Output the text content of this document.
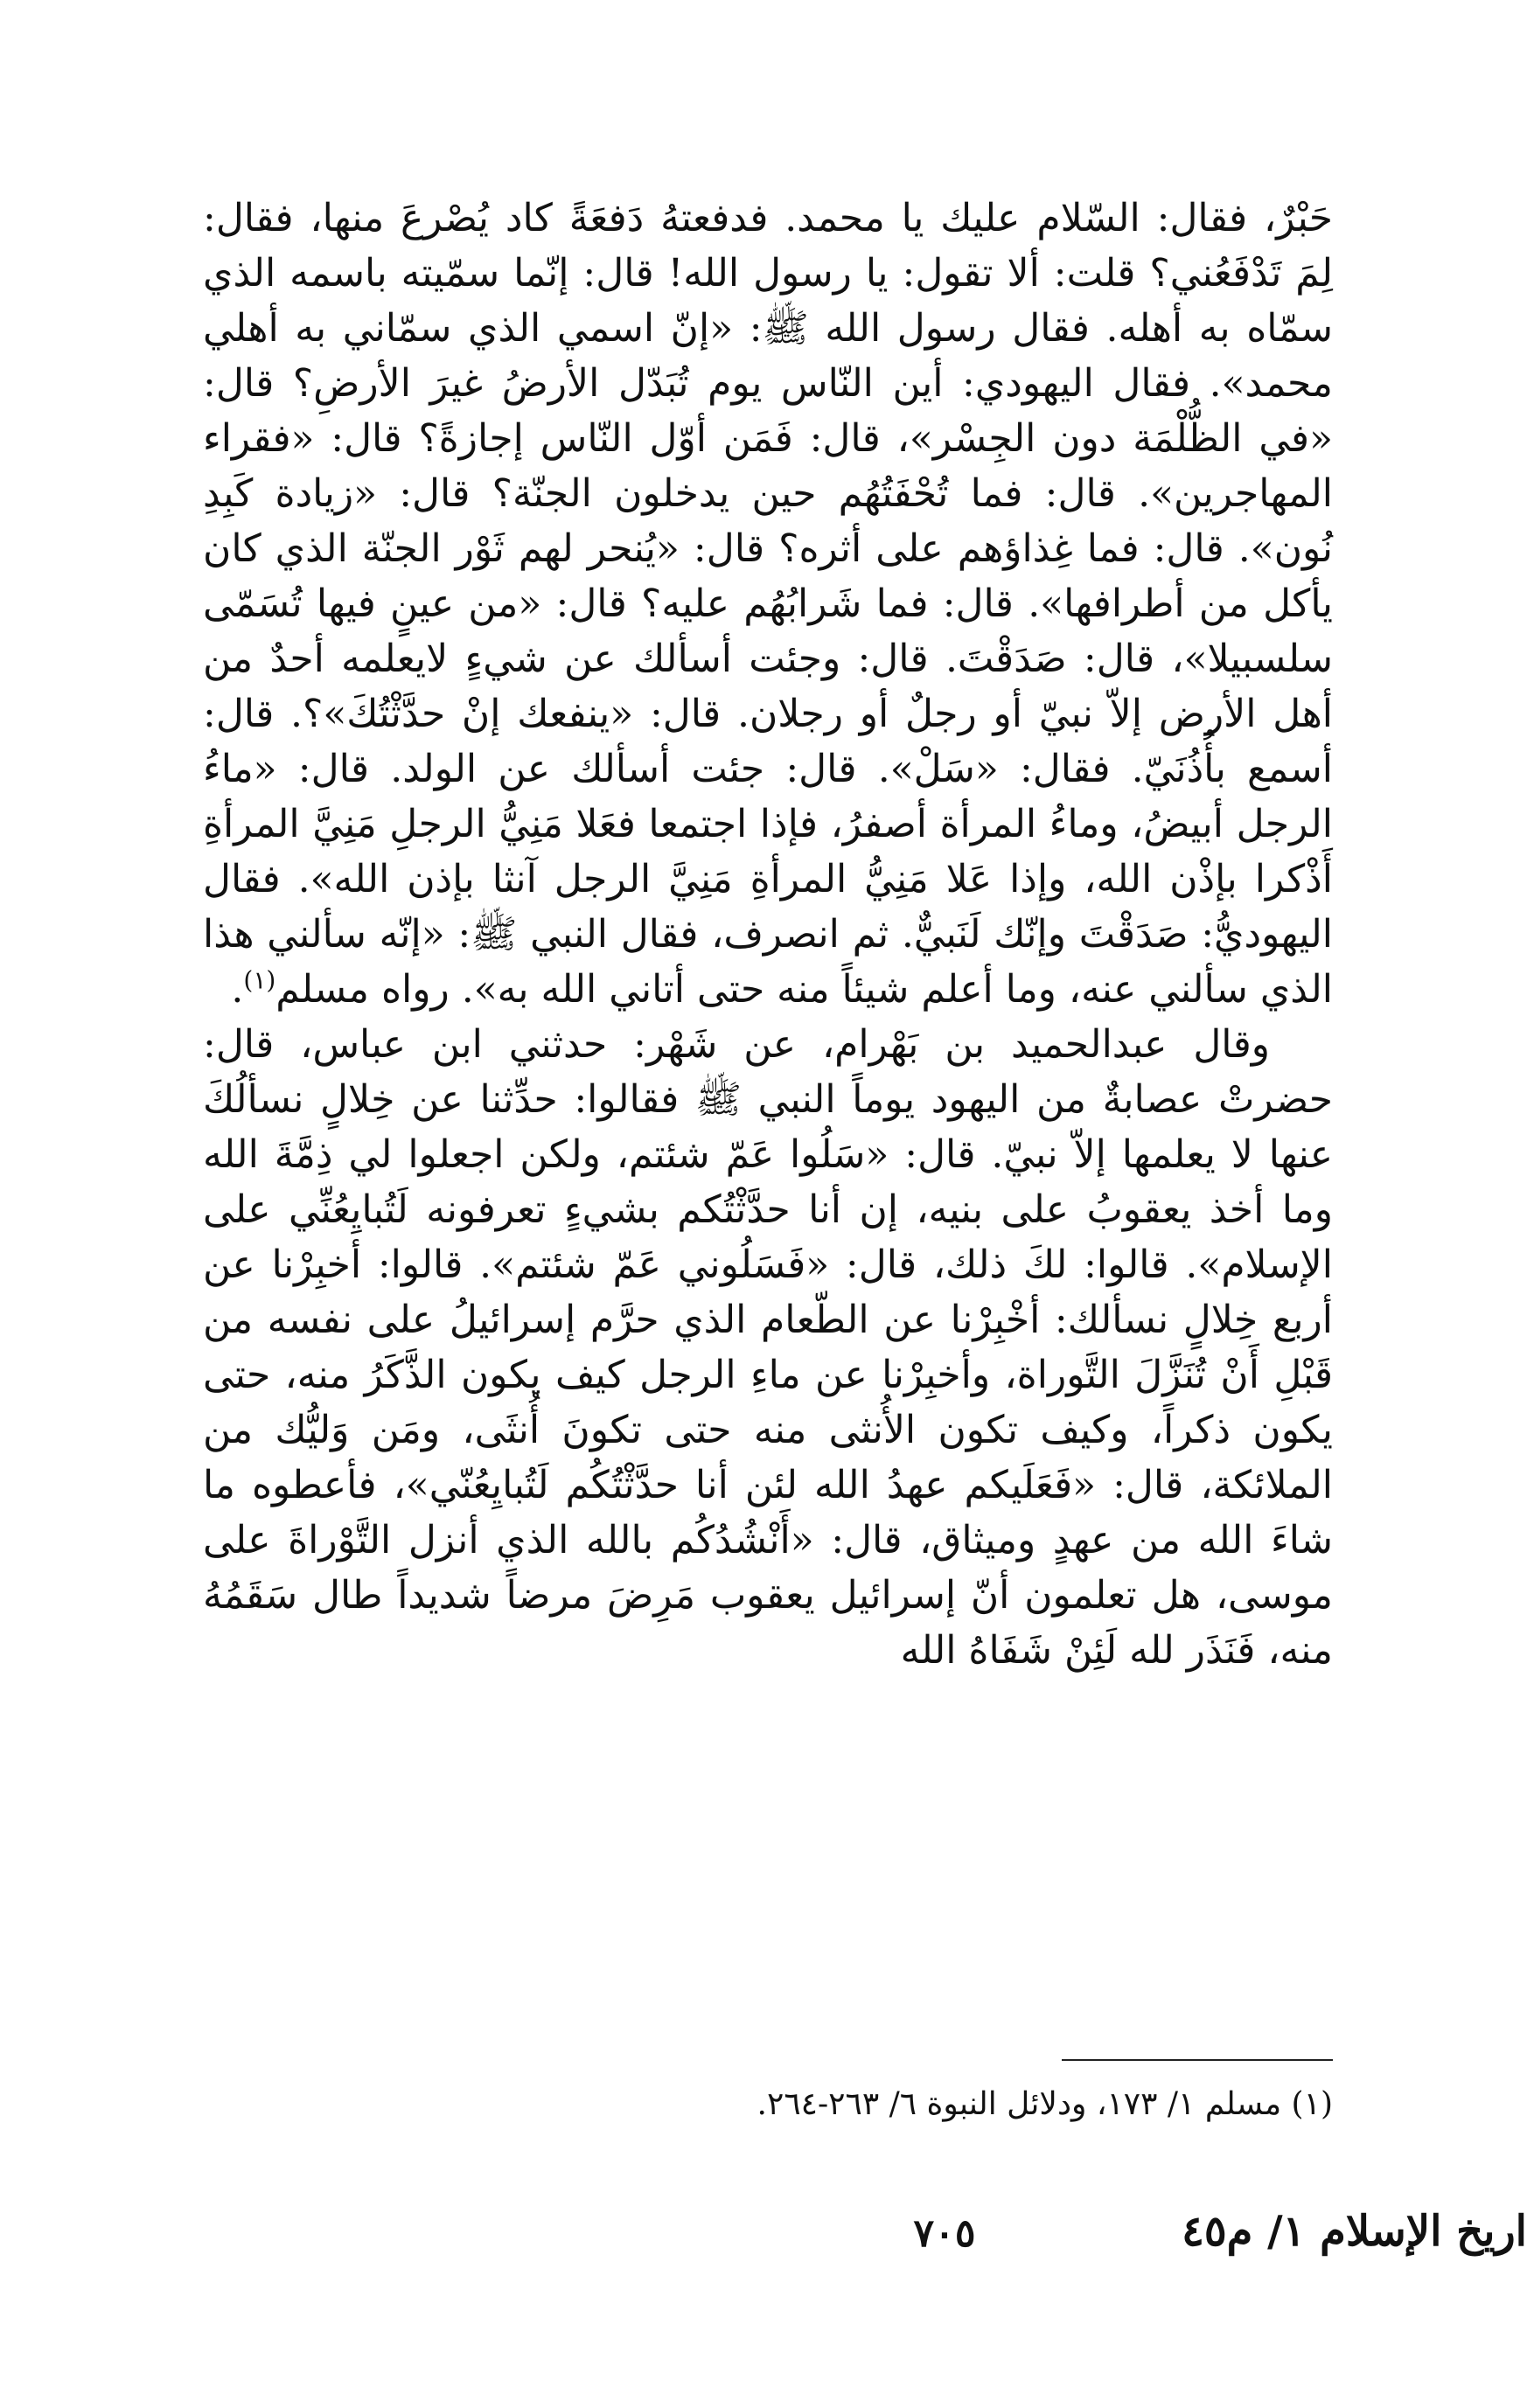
حَبْرٌ، فقال: السّلام عليك يا محمد. فدفعتهُ دَفعَةً كاد يُصْرعَ منها، فقال: لِمَ تَدْفَعُني؟ قلت: ألا تقول: يا رسول الله! قال: إنّما سمّيته باسمه الذي سمّاه به أهله. فقال رسول الله ﷺ: «إنّ اسمي الذي سمّاني به أهلي محمد». فقال اليهودي: أين النّاس يوم تُبَدّل الأرضُ غيرَ الأرضِ؟ قال: «في الظُّلْمَة دون الجِسْر»، قال: فَمَن أوّل النّاس إجازةً؟ قال: «فقراء المهاجرين». قال: فما تُحْفَتُهُم حين يدخلون الجنّة؟ قال: «زيادة كَبِدِ نُون». قال: فما غِذاؤهم على أثره؟ قال: «يُنحر لهم ثَوْر الجنّة الذي كان يأكل من أطرافها». قال: فما شَرابُهُم عليه؟ قال: «من عينٍ فيها تُسَمّى سلسبيلا»، قال: صَدَقْتَ. قال: وجئت أسألك عن شيءٍ لايعلمه أحدٌ من أهل الأرض إلاّ نبيّ أو رجلٌ أو رجلان. قال: «ينفعك إنْ حدَّثْتُكَ»؟. قال: أسمع بأُذُنَيّ. فقال: «سَلْ». قال: جئت أسألك عن الولد. قال: «ماءُ الرجل أبيضُ، وماءُ المرأة أصفرُ، فإذا اجتمعا فعَلا مَنِيُّ الرجلِ مَنِيَّ المرأةِ أَذْكرا بإذْن الله، وإذا عَلا مَنِيُّ المرأةِ مَنِيَّ الرجل آنثا بإذن الله». فقال اليهوديُّ: صَدَقْتَ وإنّك لَنَبيٌّ. ثم انصرف، فقال النبي ﷺ: «إنّه سألني هذا الذي سألني عنه، وما أعلم شيئاً منه حتى أتاني الله به». رواه مسلم$^{(١)}$.

وقال عبدالحميد بن بَهْرام، عن شَهْر: حدثني ابن عباس، قال: حضرتْ عصابةٌ من اليهود يوماً النبي ﷺ فقالوا: حدِّثنا عن خِلالٍ نسألُكَ عنها لا يعلمها إلاّ نبيّ. قال: «سَلُوا عَمّ شئتم، ولكن اجعلوا لي ذِمَّةَ الله وما أخذ يعقوبُ على بنيه، إن أنا حدَّثْتُكم بشيءٍ تعرفونه لَتُبايِعُنِّي على الإسلام». قالوا: لكَ ذلك، قال: «فَسَلُوني عَمّ شئتم». قالوا: أخبِرْنا عن أربع خِلالٍ نسألك: أخْبِرْنا عن الطّعام الذي حرَّم إسرائيلُ على نفسه من قَبْلِ أَنْ تُنَزَّلَ التَّوراة، وأخبِرْنا عن ماءِ الرجل كيف يكون الذَّكَرُ منه، حتى يكون ذكراً، وكيف تكون الأُنثى منه حتى تكونَ أُنثَى، ومَن وَليُّك من الملائكة، قال: «فَعَلَيكم عهدُ الله لئن أنا حدَّثْتُكُم لَتُبايِعُنّي»، فأعطوه ما شاءَ الله من عهدٍ وميثاق، قال: «أَنْشُدُكُم بالله الذي أنزل التَّوْراةَ على موسى، هل تعلمون أنّ إسرائيل يعقوب مَرِضَ مرضاً شديداً طال سَقَمُهُ منه، فَنَذَر لله لَئِنْ شَفَاهُ الله

(١) مسلم ١/ ١٧٣، ودلائل النبوة ٦/ ٢٦٣-٢٦٤.
٧٠٥	اريخ الإسلام ١/ م٤٥
